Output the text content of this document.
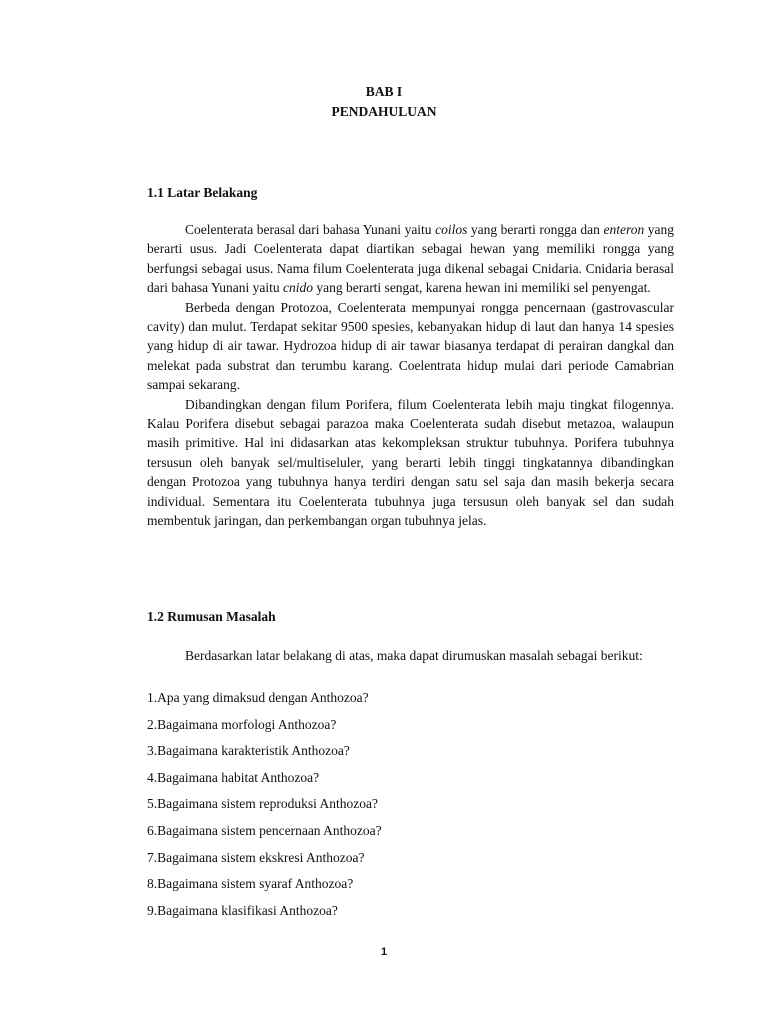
BAB I
PENDAHULUAN
1.1 Latar Belakang

Coelenterata berasal dari bahasa Yunani yaitu coilos yang berarti rongga dan enteron yang berarti usus. Jadi Coelenterata dapat diartikan sebagai hewan yang memiliki rongga yang berfungsi sebagai usus. Nama filum Coelenterata juga dikenal sebagai Cnidaria. Cnidaria berasal dari bahasa Yunani yaitu cnido yang berarti sengat, karena hewan ini memiliki sel penyengat.

Berbeda dengan Protozoa, Coelenterata mempunyai rongga pencernaan (gastrovascular cavity) dan mulut. Terdapat sekitar 9500 spesies, kebanyakan hidup di laut dan hanya 14 spesies yang hidup di air tawar. Hydrozoa hidup di air tawar biasanya terdapat di perairan dangkal dan melekat pada substrat dan terumbu karang. Coelentrata hidup mulai dari periode Camabrian sampai sekarang.

Dibandingkan dengan filum Porifera, filum Coelenterata lebih maju tingkat filogennya. Kalau Porifera disebut sebagai parazoa maka Coelenterata sudah disebut metazoa, walaupun masih primitive. Hal ini didasarkan atas kekompleksan struktur tubuhnya. Porifera tubuhnya tersusun oleh banyak sel/multiseluler, yang berarti lebih tinggi tingkatannya dibandingkan dengan Protozoa yang tubuhnya hanya terdiri dengan satu sel saja dan masih bekerja secara individual. Sementara itu Coelenterata tubuhnya juga tersusun oleh banyak sel dan sudah membentuk jaringan, dan perkembangan organ tubuhnya jelas.

1.2 Rumusan Masalah

Berdasarkan latar belakang di atas, maka dapat dirumuskan masalah sebagai berikut:

1.Apa yang dimaksud dengan Anthozoa?
2.Bagaimana morfologi Anthozoa?
3.Bagaimana karakteristik Anthozoa?
4.Bagaimana habitat Anthozoa?
5.Bagaimana sistem reproduksi Anthozoa?
6.Bagaimana sistem pencernaan Anthozoa?
7.Bagaimana sistem ekskresi Anthozoa?
8.Bagaimana sistem syaraf Anthozoa?
9.Bagaimana klasifikasi Anthozoa?
1
